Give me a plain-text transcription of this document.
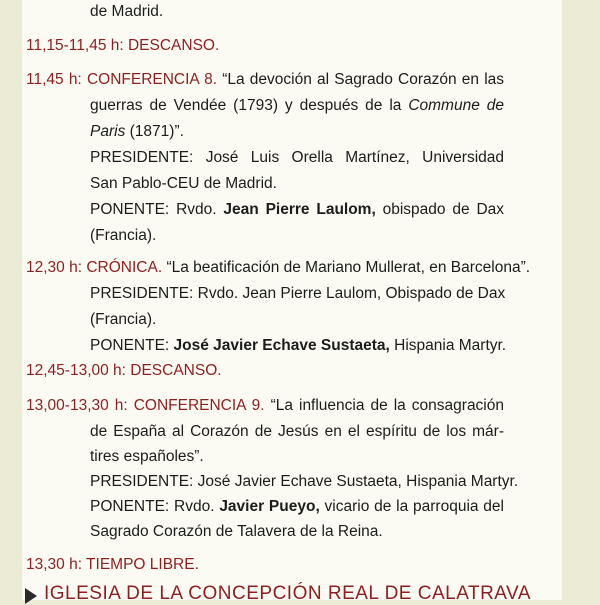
de Madrid.
11,15-11,45 h: DESCANSO.
11,45 h: CONFERENCIA 8. “La devoción al Sagrado Corazón en las
guerras de Vendée (1793) y después de la Commune de
Paris (1871)”.
PRESIDENTE: José Luis Orella Martínez, Universidad
San Pablo-CEU de Madrid.
PONENTE: Rvdo. Jean Pierre Laulom, obispado de Dax
(Francia).
12,30 h: CRÓNICA. “La beatificación de Mariano Mullerat, en Barcelona”.
PRESIDENTE: Rvdo. Jean Pierre Laulom, Obispado de Dax
(Francia).
PONENTE: José Javier Echave Sustaeta, Hispania Martyr.
12,45-13,00 h: DESCANSO.
13,00-13,30 h: CONFERENCIA 9. “La influencia de la consagración
de España al Corazón de Jesús en el espíritu de los már-
tires españoles”.
PRESIDENTE: José Javier Echave Sustaeta, Hispania Martyr.
PONENTE: Rvdo. Javier Pueyo, vicario de la parroquia del
Sagrado Corazón de Talavera de la Reina.
13,30 h: TIEMPO LIBRE.
IGLESIA DE LA CONCEPCIÓN REAL DE CALATRAVA
